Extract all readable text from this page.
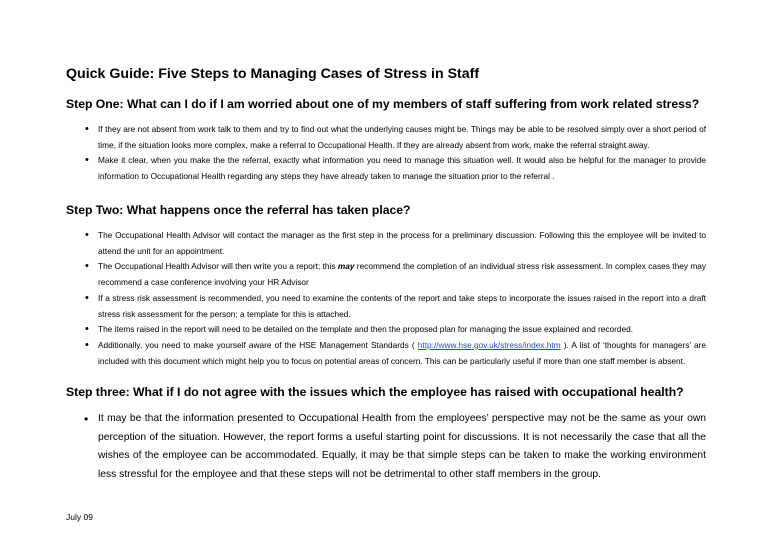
Quick Guide: Five Steps to Managing Cases of Stress in Staff
Step One: What can I do if I am worried about one of my members of staff suffering from work related stress?
• If they are not absent from work talk to them and try to find out what the underlying causes might be. Things may be able to be resolved simply over a short period of time, if the situation looks more complex, make a referral to Occupational Health. If they are already absent from work, make the referral straight away.
• Make it clear, when you make the the referral, exactly what information you need to manage this situation well. It would also be helpful for the manager to provide information to Occupational Health regarding any steps they have already taken to manage the situation prior to the referral .
Step Two: What happens once the referral has taken place?
• The Occupational Health Advisor will contact the manager as the first step in the process for a preliminary discussion. Following this the employee will be invited to attend the unit for an appointment.
• The Occupational Health Advisor will then write you a report; this may recommend the completion of an individual stress risk assessment. In complex cases they may recommend a case conference involving your HR Advisor
• If a stress risk assessment is recommended, you need to examine the contents of the report and take steps to incorporate the issues raised in the report into a draft stress risk assessment for the person; a template for this is attached.
• The items raised in the report will need to be detailed on the template and then the proposed plan for managing the issue explained and recorded.
• Additionally, you need to make yourself aware of the HSE Management Standards ( http://www.hse.gov.uk/stress/index.htm ). A list of ‘thoughts for managers’ are included with this document which might help you to focus on potential areas of concern. This can be particularly useful if more than one staff member is absent.
Step three: What if I do not agree with the issues which the employee has raised with occupational health?
• It may be that the information presented to Occupational Health from the employees’ perspective may not be the same as your own perception of the situation. However, the report forms a useful starting point for discussions. It is not necessarily the case that all the wishes of the employee can be accommodated. Equally, it may be that simple steps can be taken to make the working environment less stressful for the employee and that these steps will not be detrimental to other staff members in the group.
July 09
